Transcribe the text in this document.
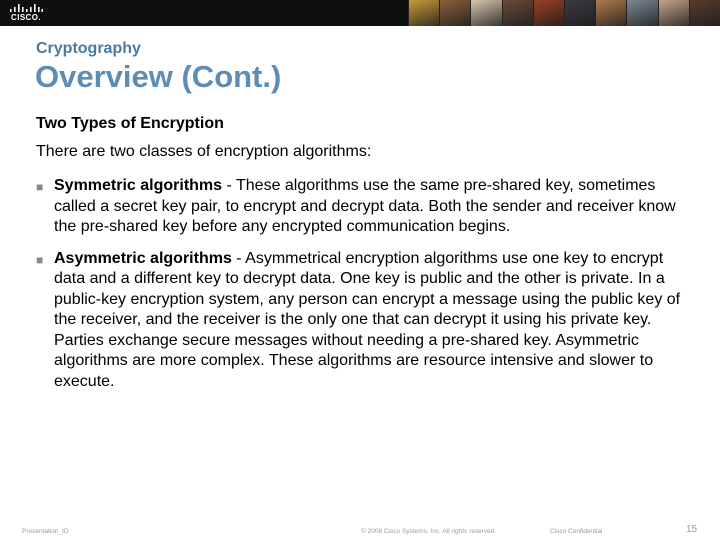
CISCO.
Cryptography
Overview (Cont.)

Two Types of Encryption

There are two classes of encryption algorithms:

■ Symmetric algorithms - These algorithms use the same pre-shared key, sometimes called a secret key pair, to encrypt and decrypt data. Both the sender and receiver know the pre-shared key before any encrypted communication begins.
■ Asymmetric algorithms - Asymmetrical encryption algorithms use one key to encrypt data and a different key to decrypt data. One key is public and the other is private. In a public-key encryption system, any person can encrypt a message using the public key of the receiver, and the receiver is the only one that can decrypt it using his private key. Parties exchange secure messages without needing a pre-shared key. Asymmetric algorithms are more complex. These algorithms are resource intensive and slower to execute.
Presentation_ID	© 2008 Cisco Systems, Inc. All rights reserved.	Cisco Confidential	15
